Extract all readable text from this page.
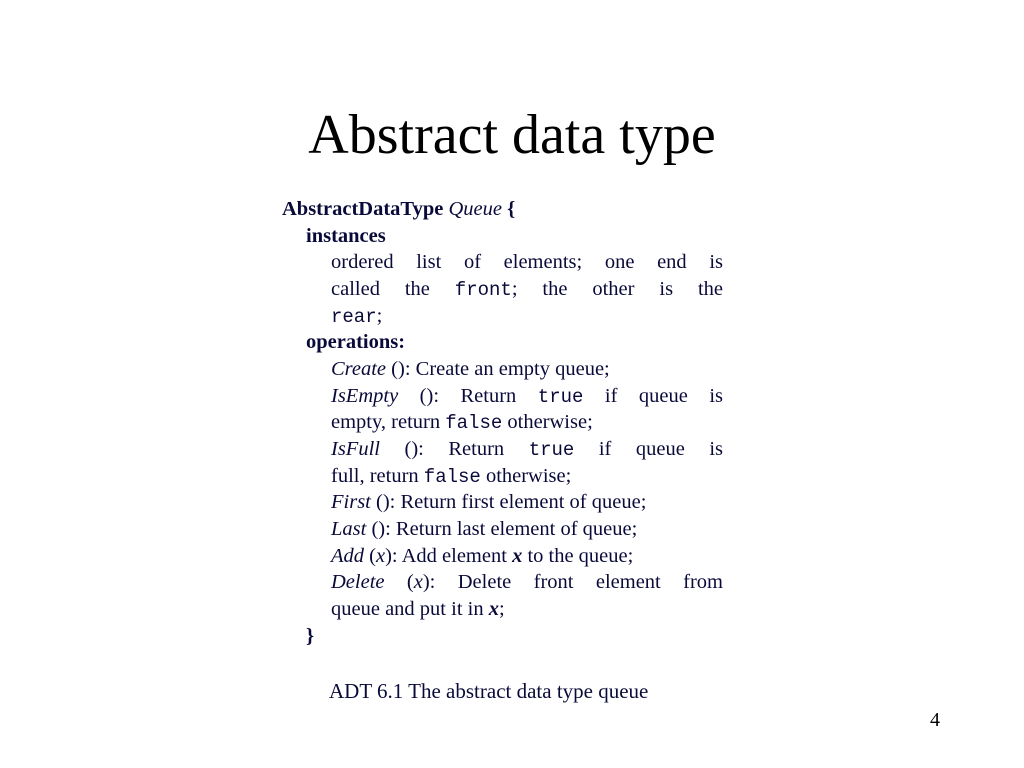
Abstract data type
AbstractDataType Queue {
instances
ordered list of elements; one end is
called the front; the other is the
rear;
operations:
Create (): Create an empty queue;
IsEmpty (): Return true if queue is
empty, return false otherwise;
IsFull (): Return true if queue is
full, return false otherwise;
First (): Return first element of queue;
Last (): Return last element of queue;
Add (x): Add element x to the queue;
Delete (x): Delete front element from
queue and put it in x;
}
ADT 6.1 The abstract data type queue
4
